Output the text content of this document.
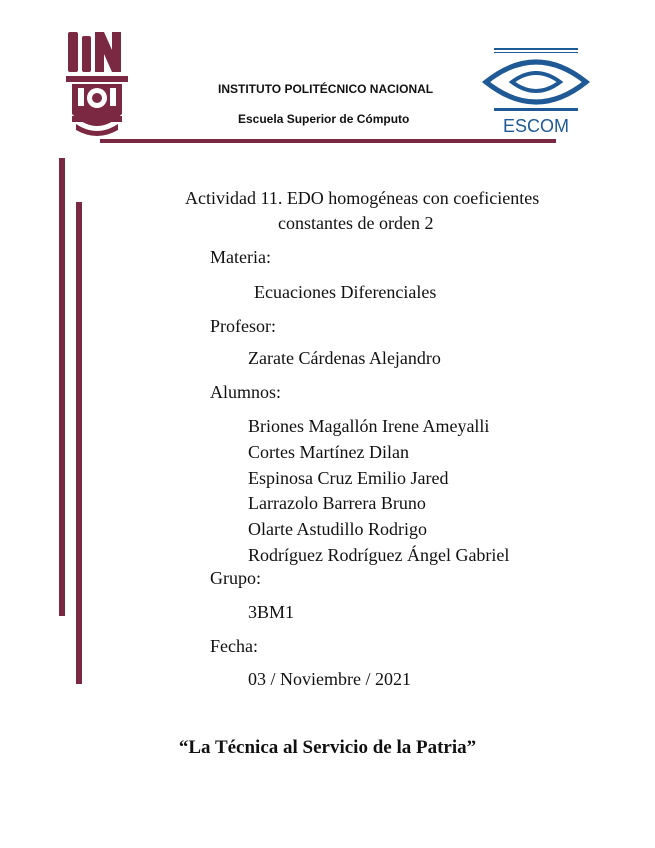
INSTITUTO POLITÉCNICO NACIONAL
Escuela Superior de Cómputo	ESCOM
Actividad 11. EDO homogéneas con coeficientes
constantes de orden 2
Materia:
Ecuaciones Diferenciales
Profesor:
Zarate Cárdenas Alejandro
Alumnos:
Briones Magallón Irene Ameyalli
Cortes Martínez Dilan
Espinosa Cruz Emilio Jared
Larrazolo Barrera Bruno
Olarte Astudillo Rodrigo
Rodríguez Rodríguez Ángel Gabriel
Grupo:
3BM1
Fecha:
03 / Noviembre / 2021
“La Técnica al Servicio de la Patria”
